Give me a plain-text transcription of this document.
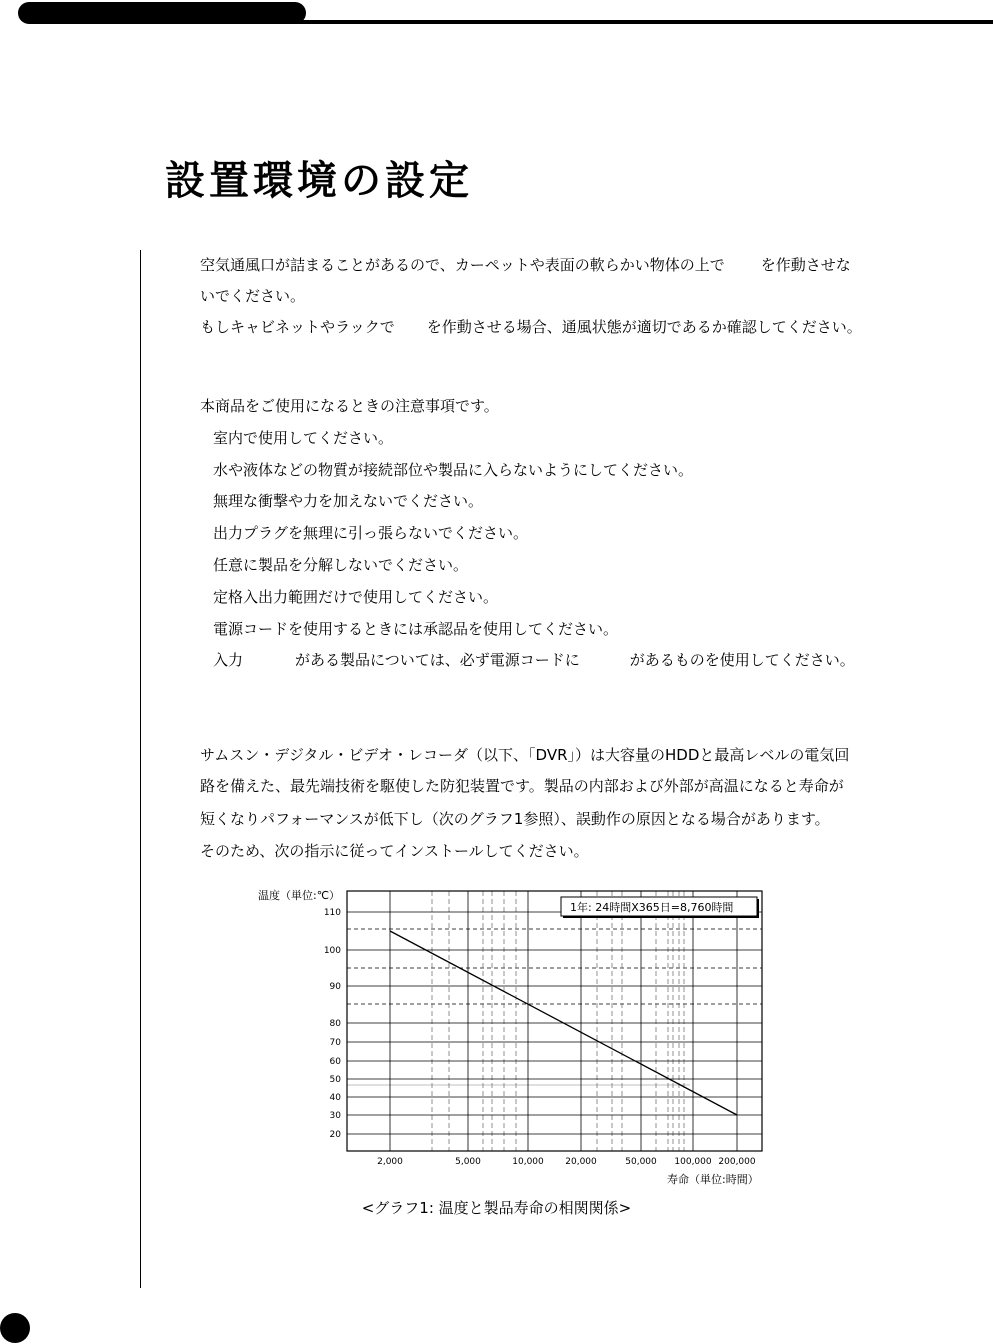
設置環境の設定
空気通風口が詰まることがあるので、カーペットや表面の軟らかい物体の上で を作動させな
いでください。
もしキャビネットやラックで を作動させる場合、通風状態が適切であるか確認してください。
本商品をご使用になるときの注意事項です。
室内で使用してください。
水や液体などの物質が接続部位や製品に入らないようにしてください。
無理な衝撃や力を加えないでください。
出力プラグを無理に引っ張らないでください。
任意に製品を分解しないでください。
定格入出力範囲だけで使用してください。
電源コードを使用するときには承認品を使用してください。
入力	がある製品については、必ず電源コードに	があるものを使用してください。
サムスン・デジタル・ビデオ・レコーダ（以下、「DVR」）は大容量のHDDと最高レベルの電気回
路を備えた、最先端技術を駆使した防犯装置です。製品の内部および外部が高温になると寿命が
短くなりパフォーマンスが低下し（次のグラフ1参照）、誤動作の原因となる場合があります。
そのため、次の指示に従ってインストールしてください。
110
100
90
80
70
60
50
40
30
20
2,000	5,000	10,000 20,000	50,000 100,000 200,000
温度（単位:℃）
寿命（単位:時間）
1年: 24時間X365日=8,760時間
<グラフ1: 温度と製品寿命の相関関係>
